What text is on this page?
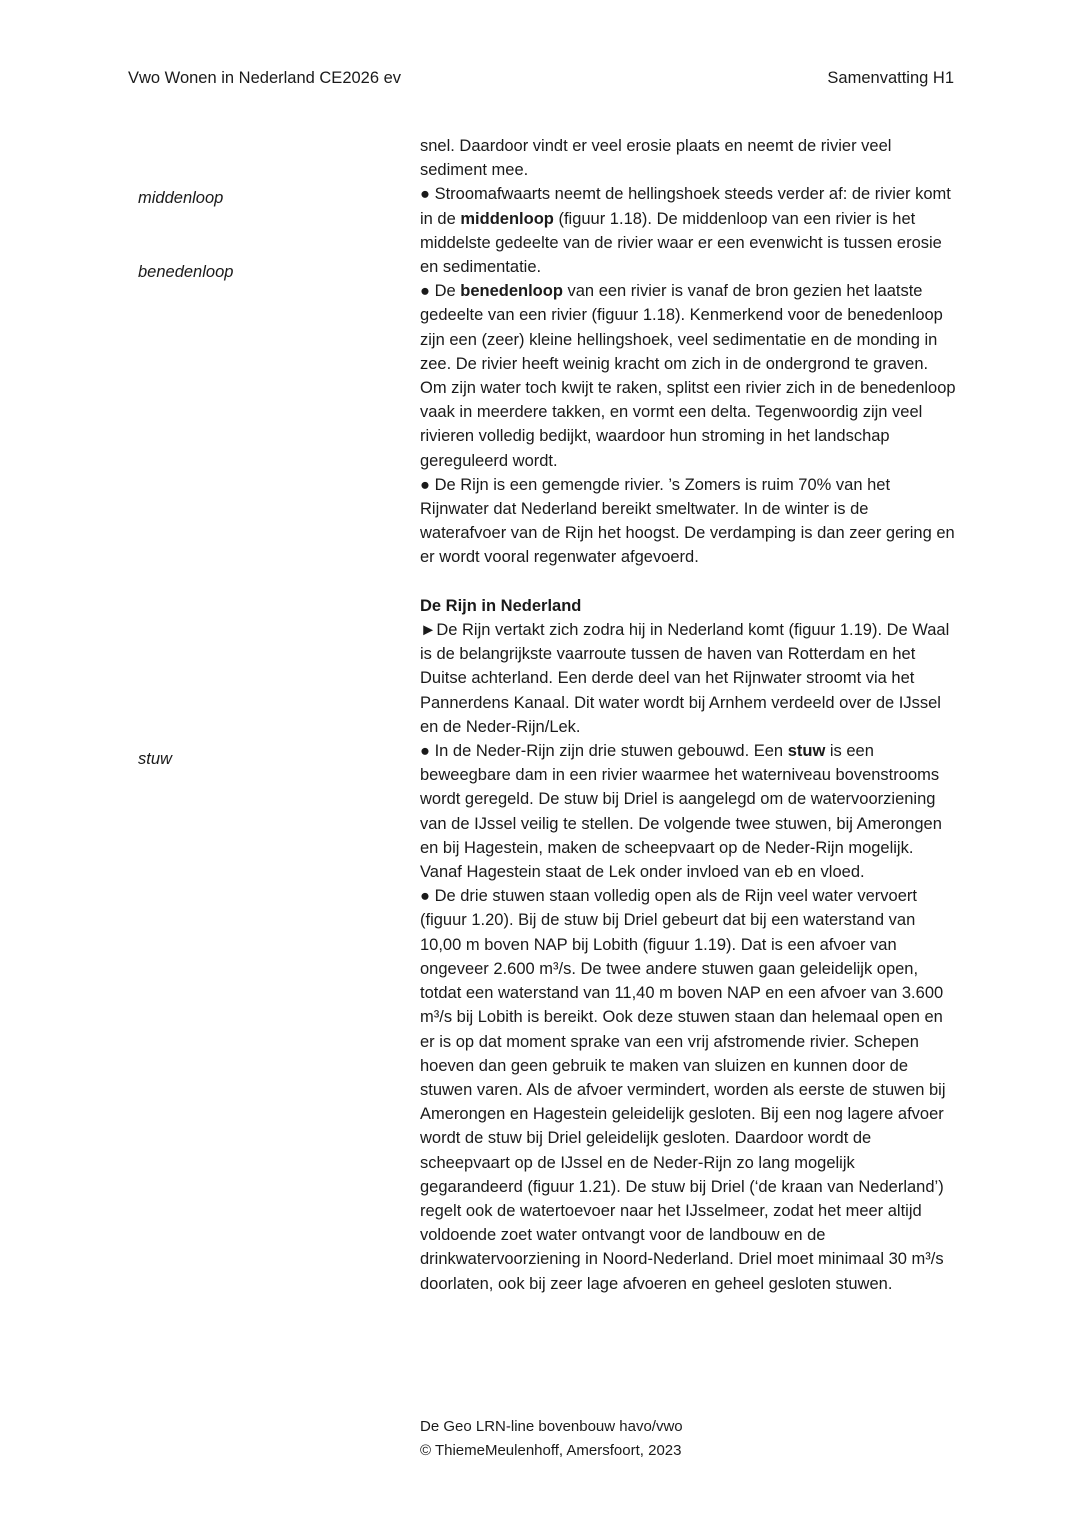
Vwo Wonen in Nederland CE2026 ev	Samenvatting H1
middenloop
benedenloop
stuw

snel. Daardoor vindt er veel erosie plaats en neemt de rivier veel sediment mee.

● Stroomafwaarts neemt de hellingshoek steeds verder af: de rivier komt in de middenloop (figuur 1.18). De middenloop van een rivier is het middelste gedeelte van de rivier waar er een evenwicht is tussen erosie en sedimentatie.

● De benedenloop van een rivier is vanaf de bron gezien het laatste gedeelte van een rivier (figuur 1.18). Kenmerkend voor de benedenloop zijn een (zeer) kleine hellingshoek, veel sedimentatie en de monding in zee. De rivier heeft weinig kracht om zich in de ondergrond te graven. Om zijn water toch kwijt te raken, splitst een rivier zich in de benedenloop vaak in meerdere takken, en vormt een delta. Tegenwoordig zijn veel rivieren volledig bedijkt, waardoor hun stroming in het landschap gereguleerd wordt.

● De Rijn is een gemengde rivier. ’s Zomers is ruim 70% van het Rijnwater dat Nederland bereikt smeltwater. In de winter is de waterafvoer van de Rijn het hoogst. De verdamping is dan zeer gering en er wordt vooral regenwater afgevoerd.

De Rijn in Nederland

►De Rijn vertakt zich zodra hij in Nederland komt (figuur 1.19). De Waal is de belangrijkste vaarroute tussen de haven van Rotterdam en het Duitse achterland. Een derde deel van het Rijnwater stroomt via het Pannerdens Kanaal. Dit water wordt bij Arnhem verdeeld over de IJssel en de Neder-Rijn/Lek.

● In de Neder-Rijn zijn drie stuwen gebouwd. Een stuw is een beweegbare dam in een rivier waarmee het waterniveau bovenstrooms wordt geregeld. De stuw bij Driel is aangelegd om de watervoorziening van de IJssel veilig te stellen. De volgende twee stuwen, bij Amerongen en bij Hagestein, maken de scheepvaart op de Neder-Rijn mogelijk. Vanaf Hagestein staat de Lek onder invloed van eb en vloed.

● De drie stuwen staan volledig open als de Rijn veel water vervoert (figuur 1.20). Bij de stuw bij Driel gebeurt dat bij een waterstand van 10,00 m boven NAP bij Lobith (figuur 1.19). Dat is een afvoer van ongeveer 2.600 m³/s. De twee andere stuwen gaan geleidelijk open, totdat een waterstand van 11,40 m boven NAP en een afvoer van 3.600 m³/s bij Lobith is bereikt. Ook deze stuwen staan dan helemaal open en er is op dat moment sprake van een vrij afstromende rivier. Schepen hoeven dan geen gebruik te maken van sluizen en kunnen door de stuwen varen. Als de afvoer vermindert, worden als eerste de stuwen bij Amerongen en Hagestein geleidelijk gesloten. Bij een nog lagere afvoer wordt de stuw bij Driel geleidelijk gesloten. Daardoor wordt de scheepvaart op de IJssel en de Neder-Rijn zo lang mogelijk gegarandeerd (figuur 1.21). De stuw bij Driel (‘de kraan van Nederland’) regelt ook de watertoevoer naar het IJsselmeer, zodat het meer altijd voldoende zoet water ontvangt voor de landbouw en de drinkwatervoorziening in Noord-Nederland. Driel moet minimaal 30 m³/s doorlaten, ook bij zeer lage afvoeren en geheel gesloten stuwen.

De Geo LRN-line bovenbouw havo/vwo
© ThiemeMeulenhoff, Amersfoort, 2023
